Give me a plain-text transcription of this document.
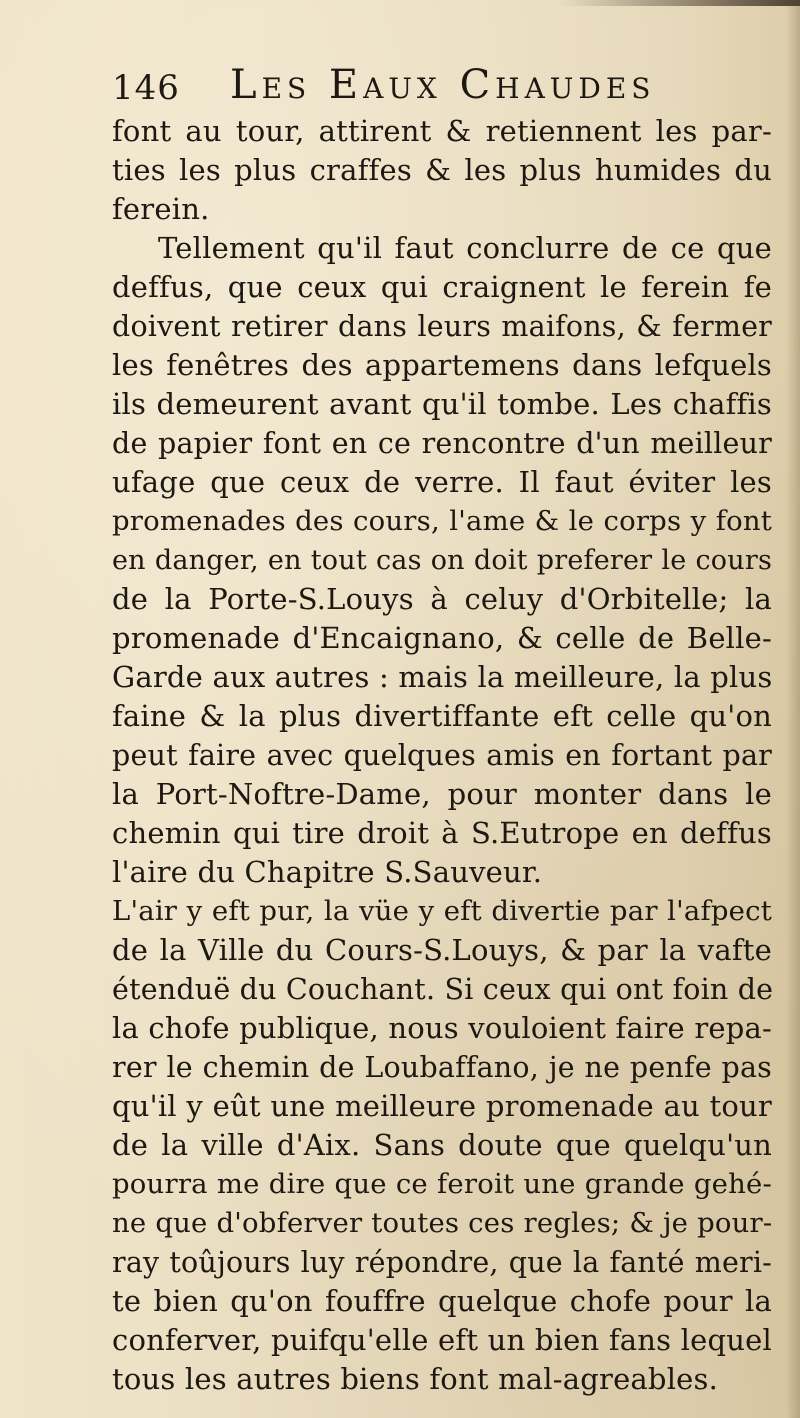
146 Les Eaux Chaudes
font au tour, attirent & retiennent les par-
ties les plus craffes & les plus humides du
ferein.
Tellement qu'il faut conclurre de ce que
deffus, que ceux qui craignent le ferein fe
doivent retirer dans leurs maifons, & fermer
les fenêtres des appartemens dans lefquels
ils demeurent avant qu'il tombe. Les chaffis
de papier font en ce rencontre d'un meilleur
ufage que ceux de verre. Il faut éviter les
promenades des cours, l'ame & le corps y font
en danger, en tout cas on doit preferer le cours
de la Porte-S.Louys à celuy d'Orbitelle; la
promenade d'Encaignano, & celle de Belle-
Garde aux autres : mais la meilleure, la plus
faine & la plus divertiffante eft celle qu'on
peut faire avec quelques amis en fortant par
la Port-Noftre-Dame, pour monter dans le
chemin qui tire droit à S.Eutrope en deffus
l'aire du Chapitre S.Sauveur.
L'air y eft pur, la vüe y eft divertie par l'afpect
de la Ville du Cours-S.Louys, & par la vafte
étenduë du Couchant. Si ceux qui ont foin de
la chofe publique, nous vouloient faire repa-
rer le chemin de Loubaffano, je ne penfe pas
qu'il y eût une meilleure promenade au tour
de la ville d'Aix. Sans doute que quelqu'un
pourra me dire que ce feroit une grande gehé-
ne que d'obferver toutes ces regles; & je pour-
ray toûjours luy répondre, que la fanté meri-
te bien qu'on fouffre quelque chofe pour la
conferver, puifqu'elle eft un bien fans lequel
tous les autres biens font mal-agreables.
